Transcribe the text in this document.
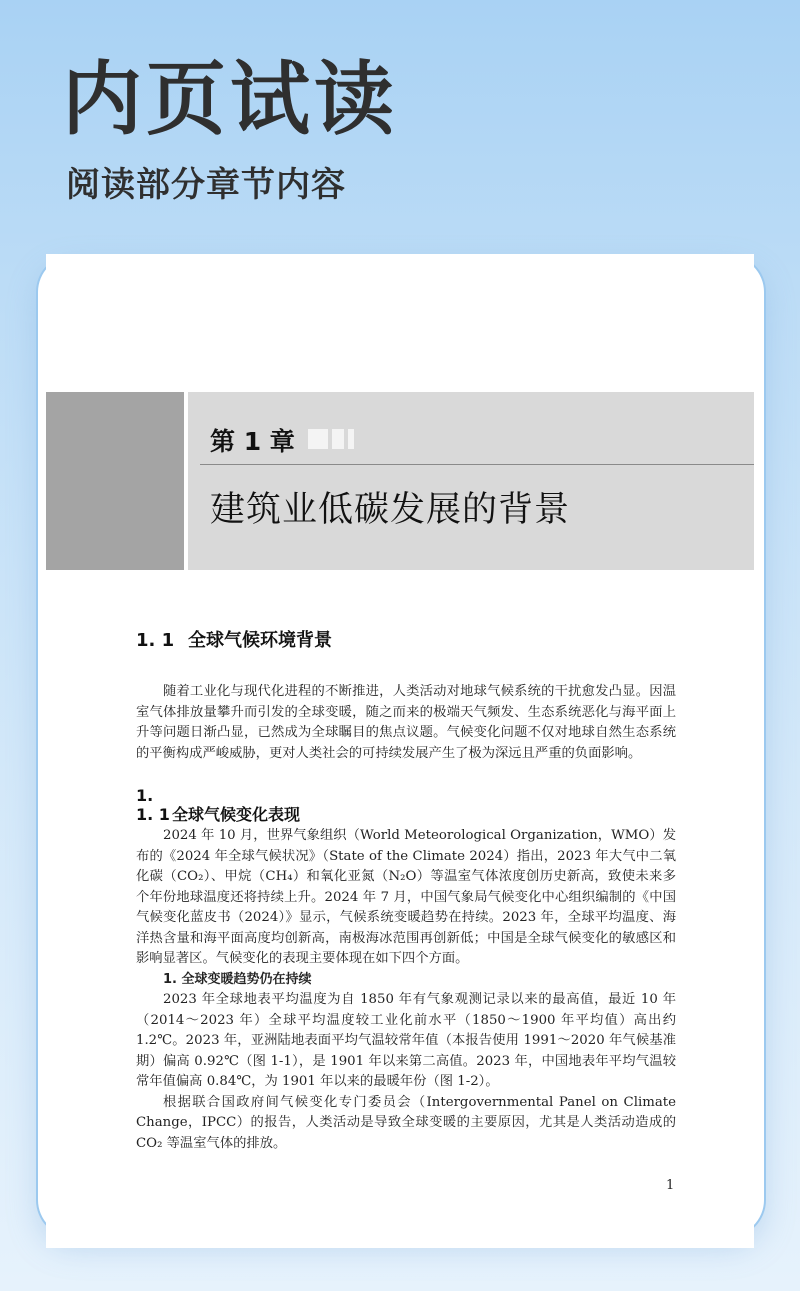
内页试读
阅读部分章节内容
第 1 章
建筑业低碳发展的背景
1. 1 全球气候环境背景

随着工业化与现代化进程的不断推进，人类活动对地球气候系统的干扰愈发凸显。因温室气体排放量攀升而引发的全球变暖，随之而来的极端天气频发、生态系统恶化与海平面上升等问题日渐凸显，已然成为全球瞩目的焦点议题。气候变化问题不仅对地球自然生态系统的平衡构成严峻威胁，更对人类社会的可持续发展产生了极为深远且严重的负面影响。

1. 1. 1 全球气候变化表现

2024 年 10 月，世界气象组织（World Meteorological Organization，WMO）发布的《2024 年全球气候状况》（State of the Climate 2024）指出，2023 年大气中二氧化碳（CO₂）、甲烷（CH₄）和氧化亚氮（N₂O）等温室气体浓度创历史新高，致使未来多个年份地球温度还将持续上升。2024 年 7 月，中国气象局气候变化中心组织编制的《中国气候变化蓝皮书（2024）》显示，气候系统变暖趋势在持续。2023 年，全球平均温度、海洋热含量和海平面高度均创新高，南极海冰范围再创新低；中国是全球气候变化的敏感区和影响显著区。气候变化的表现主要体现在如下四个方面。

1. 全球变暖趋势仍在持续

2023 年全球地表平均温度为自 1850 年有气象观测记录以来的最高值，最近 10 年（2014～2023 年）全球平均温度较工业化前水平（1850～1900 年平均值）高出约 1.2℃。2023 年，亚洲陆地表面平均气温较常年值（本报告使用 1991～2020 年气候基准期）偏高 0.92℃（图 1-1），是 1901 年以来第二高值。2023 年，中国地表年平均气温较常年值偏高 0.84℃，为 1901 年以来的最暖年份（图 1-2）。

根据联合国政府间气候变化专门委员会（Intergovernmental Panel on Climate Change，IPCC）的报告，人类活动是导致全球变暖的主要原因，尤其是人类活动造成的 CO₂ 等温室气体的排放。

1
